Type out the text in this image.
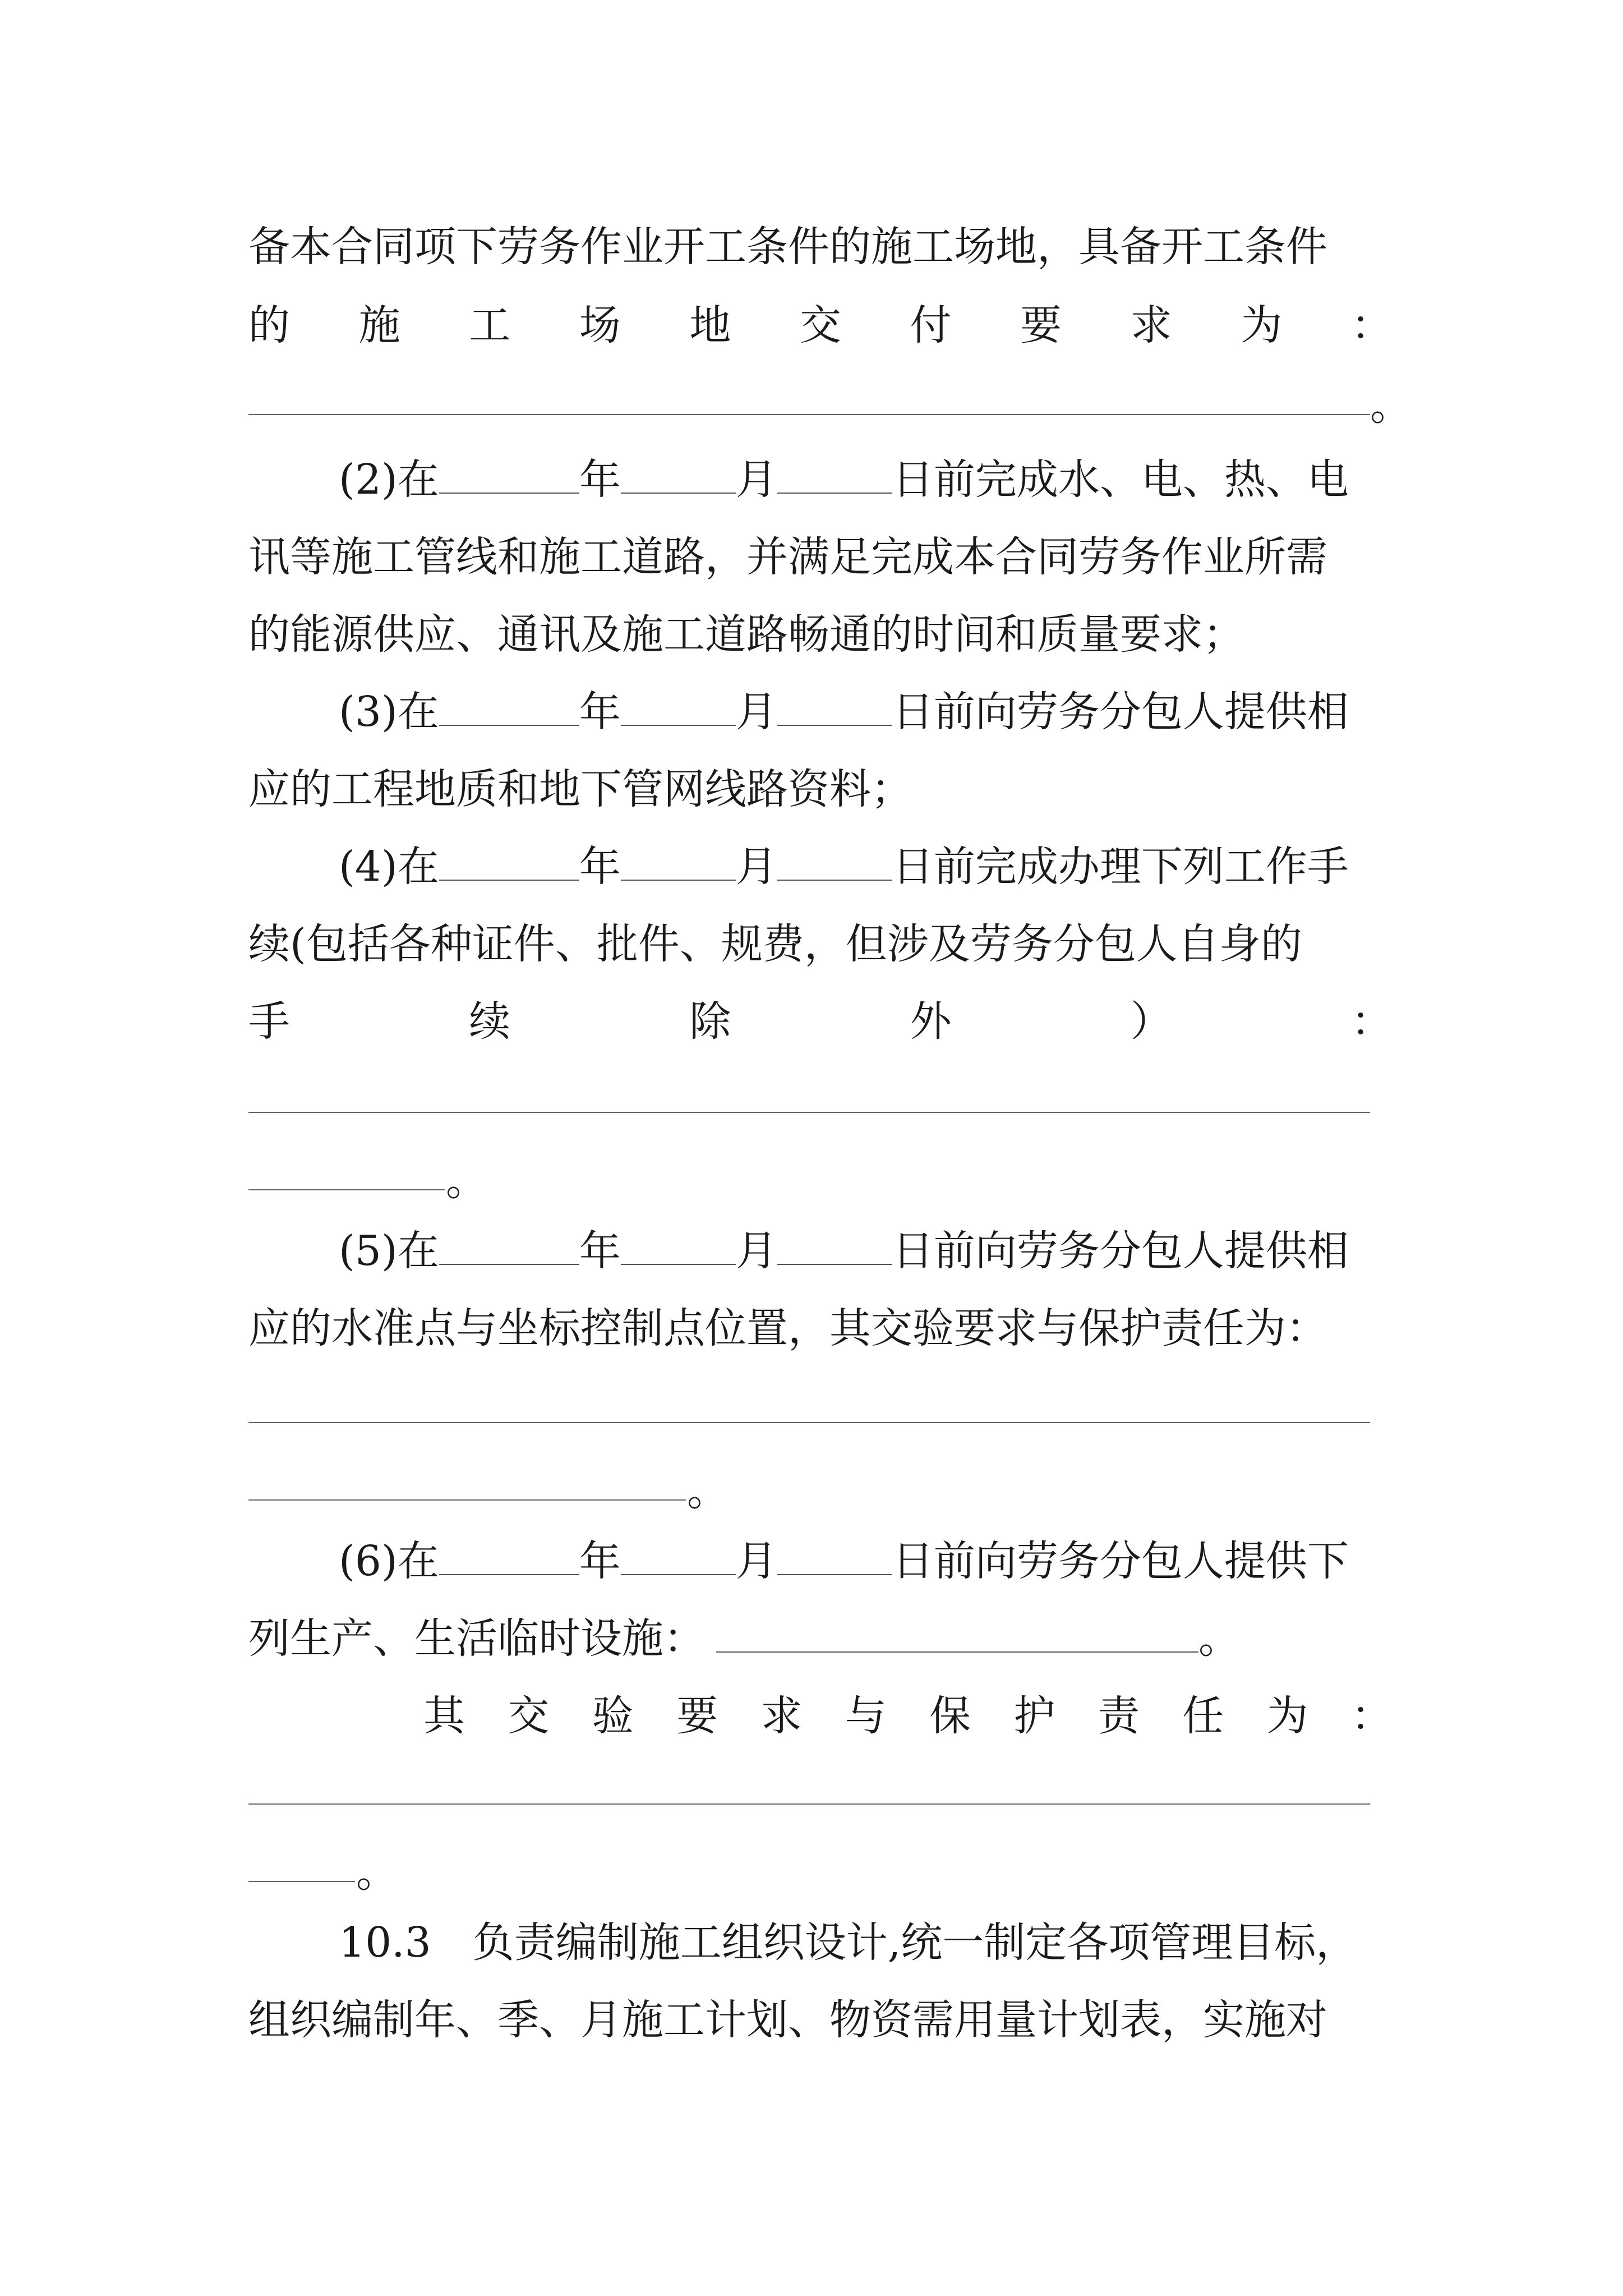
备本合同项下劳务作业开工条件的施工场地，具备开工条件
的 施 工 场 地 交 付 要 求 为 ：
。
(2)在	年	月	日前完成水、电、热、电
讯等施工管线和施工道路，并满足完成本合同劳务作业所需
的能源供应、通讯及施工道路畅通的时间和质量要求；
(3)在	年	月	日前向劳务分包人提供相
应的工程地质和地下管网线路资料；
(4)在	年	月	日前完成办理下列工作手
续(包括各种证件、批件、规费，但涉及劳务分包人自身的
手	续	除	外	）	：
。
(5)在	年	月	日前向劳务分包人提供相
应的水准点与坐标控制点位置，其交验要求与保护责任为：
。
(6)在	年	月	日前向劳务分包人提供下
列生产、生活临时设施：	。
其 交 验 要 求 与 保 护 责 任 为 ：
。
10.3　负责编制施工组织设计,统一制定各项管理目标，
组织编制年、季、月施工计划、物资需用量计划表，实施对
